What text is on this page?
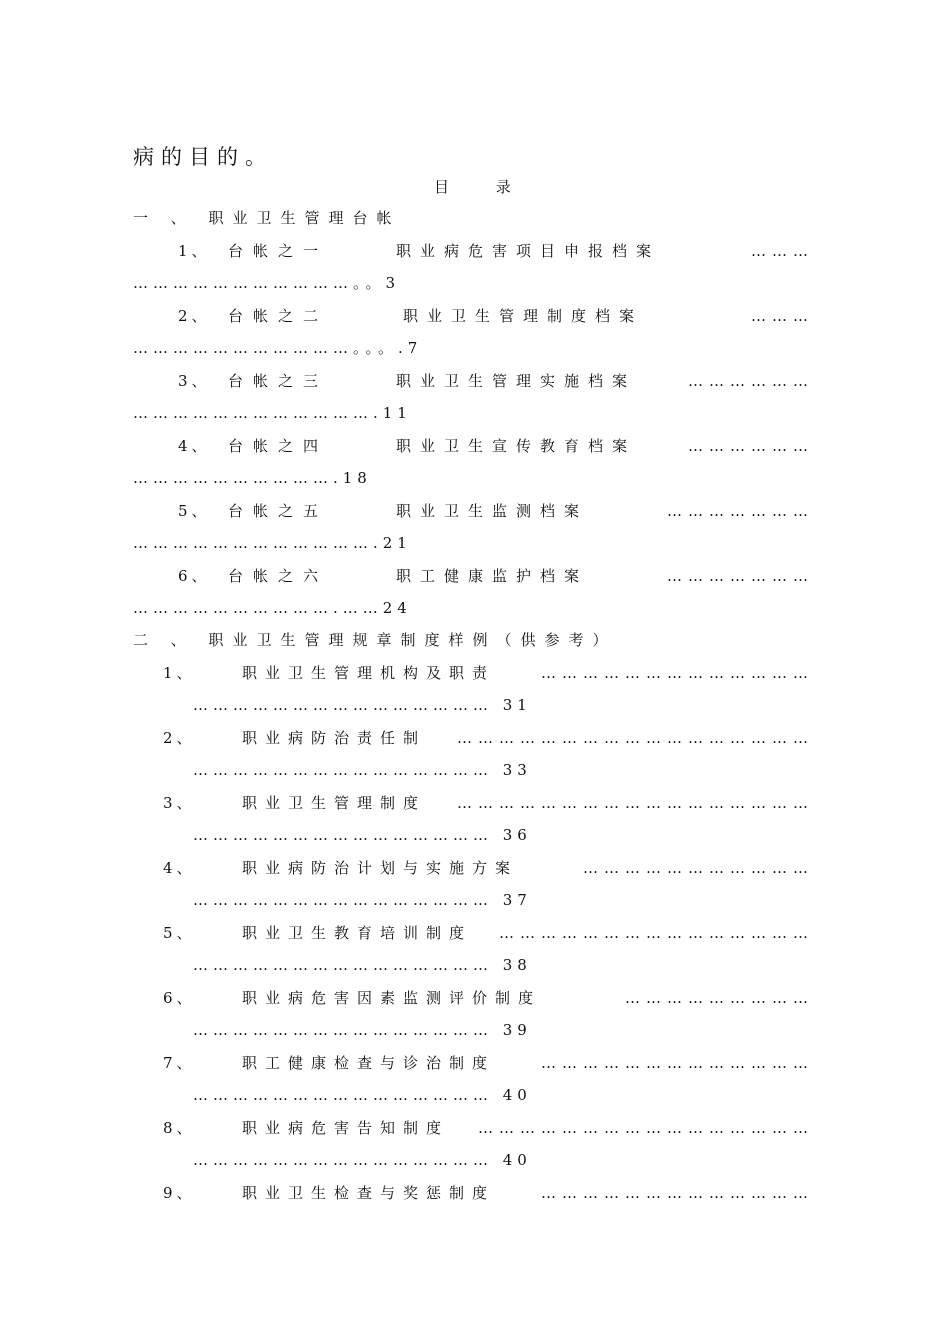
病的目的。
目 录
一 、 职业卫生管理台帐
1、 台帐之一	职业病危害项目申报档案	………
……………………………。。3
2、 台帐之二	职业卫生管理制度档案	………
……………………………。。。.7
3、 台帐之三	职业卫生管理实施档案	………………
……………………………….11
4、 台帐之四	职业卫生宣传教育档案	………………
………………………….18
5、 台帐之五	职业卫生监测档案	…………………
……………………………….21
6、 台帐之六	职工健康监护档案	…………………
………………………….……24
二 、 职业卫生管理规章制度样例（供参考）
1、	职业卫生管理机构及职责	…………………………………
……………………………………… 31
2、	职业病防治责任制 ……………………………………………
……………………………………… 33
3、	职业卫生管理制度 ……………………………………………
……………………………………… 36
4、	职业病防治计划与实施方案	……………………………
……………………………………… 37
5、	职业卫生教育培训制度 ………………………………………
……………………………………… 38
6、	职业病危害因素监测评价制度	………………………
……………………………………… 39
7、	职工健康检查与诊治制度	…………………………………
……………………………………… 40
8、	职业病危害告知制度 …………………………………………
……………………………………… 40
9、	职业卫生检查与奖惩制度	…………………………………
